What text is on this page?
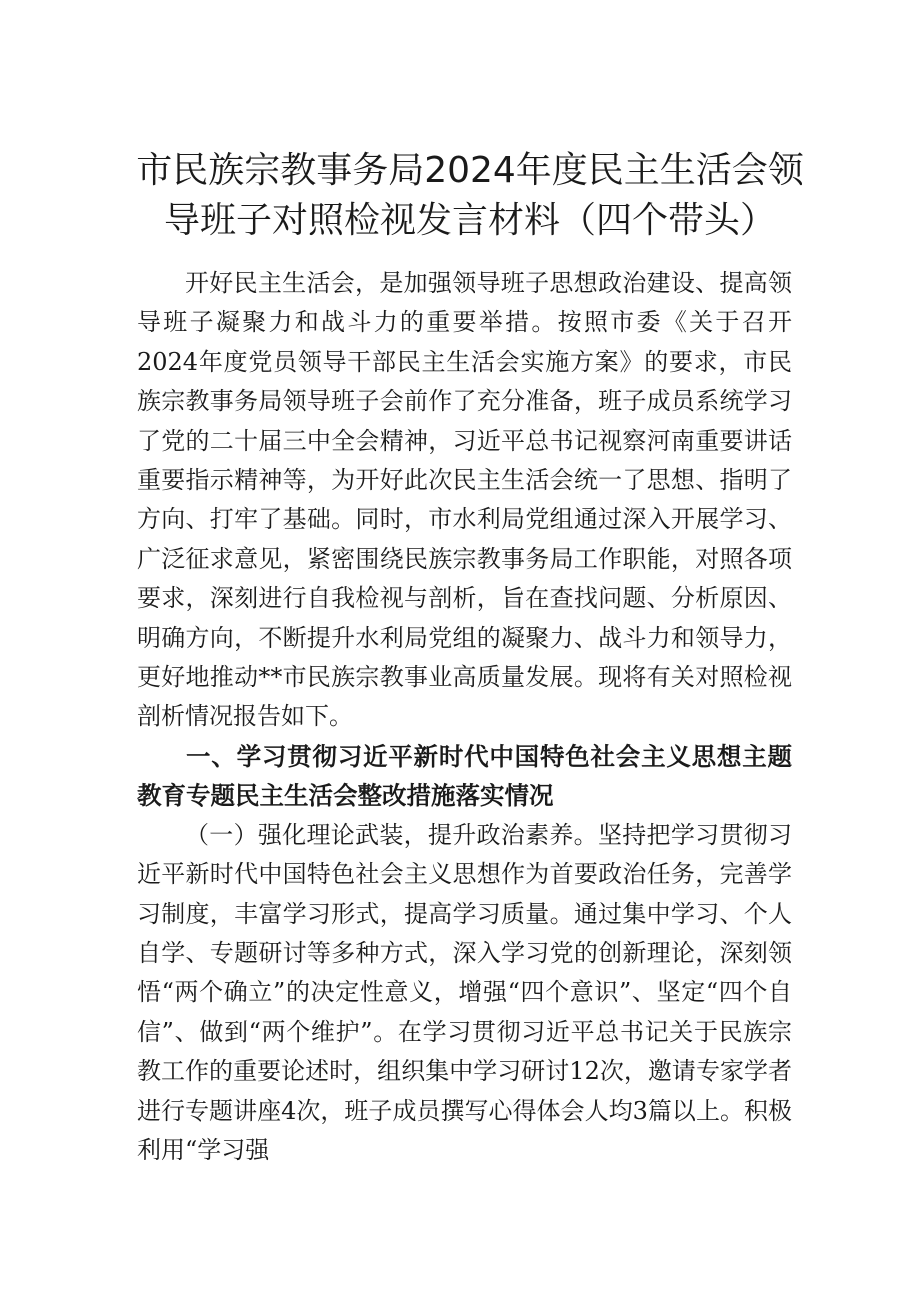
市民族宗教事务局2024年度民主生活会领导班子对照检视发言材料（四个带头）

开好民主生活会，是加强领导班子思想政治建设、提高领导班子凝聚力和战斗力的重要举措。按照市委《关于召开2024年度党员领导干部民主生活会实施方案》的要求，市民族宗教事务局领导班子会前作了充分准备，班子成员系统学习了党的二十届三中全会精神，习近平总书记视察河南重要讲话重要指示精神等，为开好此次民主生活会统一了思想、指明了方向、打牢了基础。同时，市水利局党组通过深入开展学习、广泛征求意见，紧密围绕民族宗教事务局工作职能，对照各项要求，深刻进行自我检视与剖析，旨在查找问题、分析原因、明确方向，不断提升水利局党组的凝聚力、战斗力和领导力，更好地推动**市民族宗教事业高质量发展。现将有关对照检视剖析情况报告如下。

一、学习贯彻习近平新时代中国特色社会主义思想主题教育专题民主生活会整改措施落实情况

（一）强化理论武装，提升政治素养。坚持把学习贯彻习近平新时代中国特色社会主义思想作为首要政治任务，完善学习制度，丰富学习形式，提高学习质量。通过集中学习、个人自学、专题研讨等多种方式，深入学习党的创新理论，深刻领悟“两个确立”的决定性意义，增强“四个意识”、坚定“四个自信”、做到“两个维护”。在学习贯彻习近平总书记关于民族宗教工作的重要论述时，组织集中学习研讨12次，邀请专家学者进行专题讲座4次，班子成员撰写心得体会人均3篇以上。积极利用“学习强
